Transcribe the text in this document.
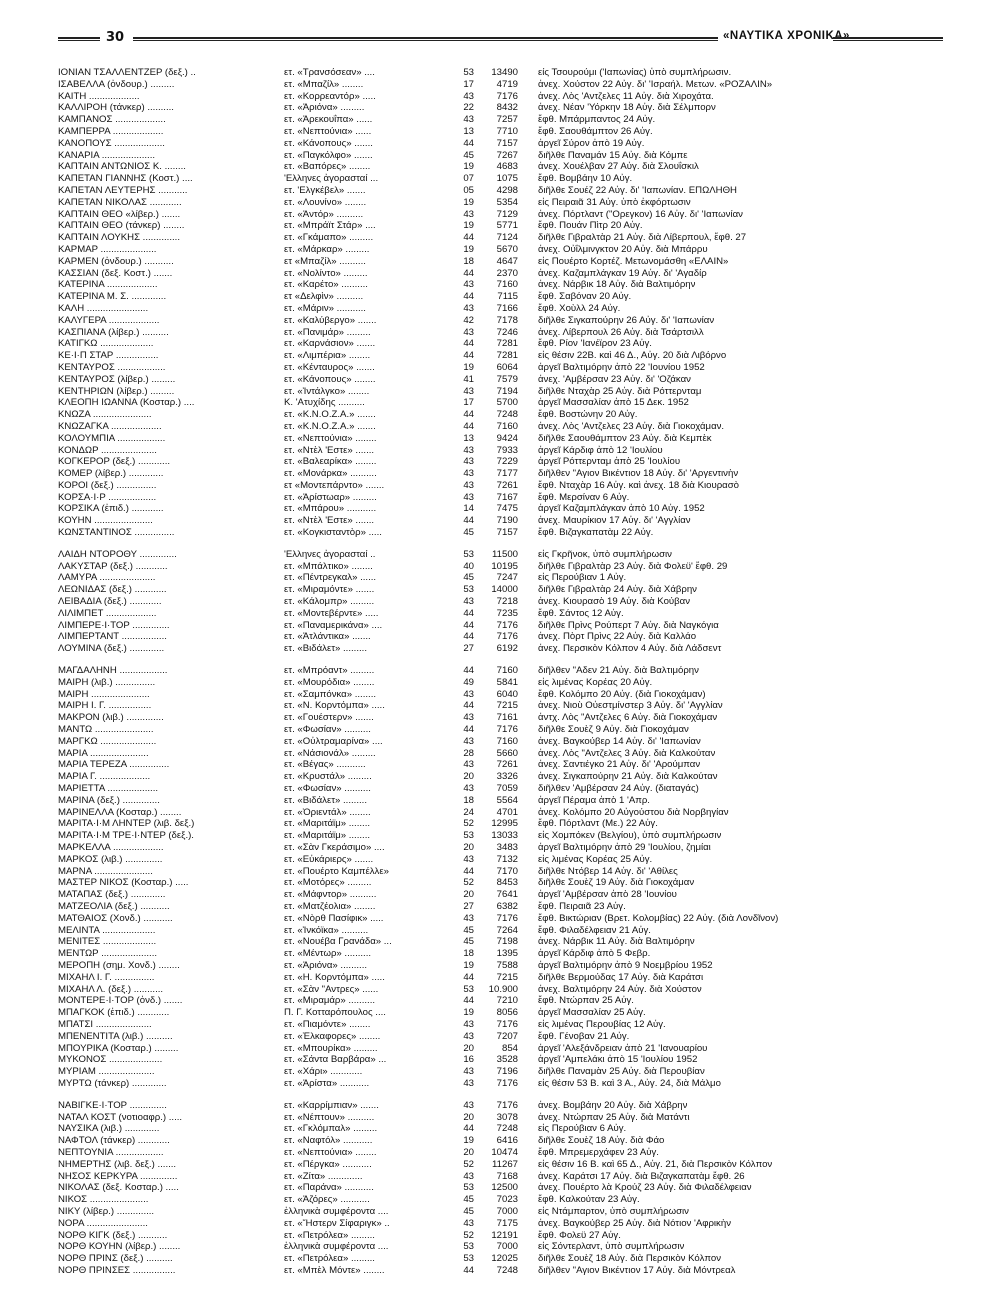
30	«ΝΑΥΤΙΚΑ ΧΡΟΝΙΚΑ»
ΙΟΝΙΑΝ ΤΣΑΛΛΕΝΤΖΕΡ (δεξ.) ..	ετ. «Τρανσόσεαν» ....	53	13490	είς Τσουρούμι ('Ιαπωνίας) ὑπὸ συμπλήρωσιν.
ΙΣΑΒΕΛΛΑ (ὀνδουρ.) .........	ετ. «Μπαζίλ» ........	17	4719	ἀνεχ. Χούστον 22 Αὐγ. δι' 'Ισραήλ. Μετων. «ΡΟΖΑΛΙΝ»
ΚΑΙΤΗ ...................	ετ. «Κορρεαντόρ» .....	43	7176	ἀνεχ. Λὸς 'Αντζελες 11 Αὐγ. διὰ Χιροχάτα.
ΚΑΛΛΙΡΟΗ (τάνκερ) ..........	ετ. «Ἀριόνα» .........	22	8432	ἀνεχ. Νέαν 'Υόρκην 18 Αὐγ. διὰ Σέλμπορν
ΚΑΜΠΑΝΟΣ ...................	ετ. «Ἀρεκουΐπα» ......	43	7257	ἔφθ. Μπάρμπαντος 24 Αὐγ.
ΚΑΜΠΕΡΡΑ ...................	ετ. «Νεπτούνια» ......	13	7710	ἔφθ. Σαουθάμπτον 26 Αὐγ.
ΚΑΝΟΠΟΥΣ ...................	ετ. «Κάνοπους» .......	44	7157	ἀργεῖ Σύρον ἀπὸ 19 Αὐγ.
ΚΑΝΑΡΙΑ ....................	ετ. «Παγκόλφο» .......	45	7267	διῆλθε Παναμάν 15 Αὐγ. διὰ Κόμπε
ΚΑΠΤΑΙΝ ΑΝΤΩΝΙΟΣ Κ. ........	ετ. «Βαπόρες» ........	19	4683	ἀνεχ. Χουέλβαν 27 Αὐγ. διὰ Σλουΐσκιλ
ΚΑΠΕΤΑΝ ΓΙΑΝΝΗΣ (Κοστ.) ....	'Ελληνες ἀγορασταί ...	07	1075	ἔφθ. Βομβάην 10 Αὐγ.
ΚΑΠΕΤΑΝ ΛΕΥΤΕΡΗΣ ...........	ετ. 'Ελγκέβελ» .......	05	4298	διῆλθε Σουέζ 22 Αὐγ. δι' 'Ιαπωνίαν. ΕΠΩΛΗΘΗ
ΚΑΠΕΤΑΝ ΝΙΚΟΛΑΣ ............	ετ. «Λουνίνο» ........	19	5354	εἰς Πειραιᾶ 31 Αὐγ. ὑπὸ ἐκφόρτωσιν
ΚΑΠΤΑΙΝ ΘΕΟ «λίβερ.) .......	ετ. «Ἀντόρ» ..........	43	7129	ἀνεχ. Πόρτλαντ ("Ορεγκον) 16 Αὐγ. δι' 'Ιαπωνίαν
ΚΑΠΤΑΙΝ ΘΕΟ (τάνκερ) ........	ετ. «Μπράϊτ Στάρ» ....	19	5771	ἔφθ. Πουάν Πὶτρ 20 Αὐγ.
ΚΑΠΤΑΙΝ ΛΟΥΚΗΣ ..............	ετ. «Γκάμαπο» .........	44	7124	διῆλθε Γιβραλτὰρ 21 Αὐγ. διὰ Λίβερπουλ, ἔφθ. 27
ΚΑΡΜΑΡ .....................	ετ. «Μάρκαρ» .........	19	5670	ἀνεχ. Οὐΐλμινγκτον 20 Αὐγ. διὰ Μπάρρυ
ΚΑΡΜΕΝ (ὀνδουρ.) ...........	ετ «Μπαζίλ» ..........	18	4647	εἰς Πουέρτο Κορτέζ. Μετωνομάσθη «ΕΛΑΙΝ»
ΚΑΣΣΙΑΝ (δεξ. Κοστ.) .......	ετ. «Νολίντο» .........	44	2370	ἀνεχ. Καζαμπλάγκαν 19 Αὐγ. δι' 'Αγαδίρ
ΚΑΤΕΡΙΝΑ ...................	ετ. «Καρέτο» ..........	43	7160	ἀνεχ. Νάρβικ 18 Αὐγ. διὰ Βαλτιμόρην
ΚΑΤΕΡΙΝΑ Μ. Σ. .............	ετ «Δελφὶν» ..........	44	7115	ἔφθ. Σαβόναν 20 Αὐγ.
ΚΑΛΗ .......................	ετ. «Μάριν» ...........	43	7166	ἔφθ. Χοὺλλ 24 Αὐγ.
ΚΑΛΥΓΕΡΑ ...................	ετ. «Καλύβεργο» .......	42	7178	διῆλθε Σιγκαπούρην 26 Αὐγ. δι' 'Ιαπωνίαν
ΚΑΣΠΙΑΝΑ (λίβερ.) ..........	ετ. «Πανιμάρ» .........	43	7246	ἀνεχ. Λίβερπουλ 26 Αὐγ. διὰ Τσάρτσιλλ
ΚΑΤΙΓΚΩ ....................	ετ. «Καρνάσιον» .......	44	7281	ἔφθ. Ρίον 'Ιανέϊρον 23 Αὐγ.
ΚΕ·Ι·Π ΣΤΑΡ ................	ετ. «Λιμπέρια» ........	44	7281	εἰς θέσιν 22Β. καὶ 46 Δ., Αὐγ. 20 διὰ Λιβόρνο
ΚΕΝΤΑΥΡΟΣ ..................	ετ. «Κένταυρος» .......	19	6064	ἀργεῖ Βαλτιμόρην ἀπὸ 22 'Ιουνίου 1952
ΚΕΝΤΑΥΡΟΣ (λίβερ.) .........	ετ. «Κάνοπους» ........	41	7579	ἀνεχ. 'Αμβέρσαν 23 Αὐγ. δι' 'Οζάκαν
ΚΕΝΤΗΡΙΩΝ (λίβερ.) .........	ετ. «Ἰντάλγκο» ........	43	7194	διῆλθε Νταχὰρ 25 Αὐγ. διὰ Ρόττερνταμ
ΚΛΕΟΠΗ ΙΩΑΝΝΑ (Κοσταρ.) ....	Κ. 'Ατυχίδης ..........	17	5700	ἀργεῖ Μασσαλίαν ἀπὸ 15 Δεκ. 1952
ΚΝΩΖΑ ......................	ετ. «Κ.Ν.Ο.Ζ.Α.» .......	44	7248	ἔφθ. Βοστώνην 20 Αὐγ.
ΚΝΩΖΑΓΚΑ ...................	ετ. «Κ.Ν.Ο.Ζ.Α.» .......	44	7160	ἀνεχ. Λὸς 'Αντζελες 23 Αὐγ. διὰ Γιοκοχάμαν.
ΚΟΛΟΥΜΠΙΑ ..................	ετ. «Νεπτούνια» ........	13	9424	διῆλθε Σαουθάμπτον 23 Αὐγ. διὰ Κεμπὲκ
ΚΟΝΔΩΡ .....................	ετ. «Ντὲλ 'Εστε» .......	43	7933	ἀργεῖ Κάρδιφ ἀπὸ 12 'Ιουλίου
ΚΟΓΚΕΡΟΡ (δεξ.) ............	ετ. «Βαλεαρίκα» ........	43	7229	ἀργεῖ Ρόττερνταμ ἀπὸ 25 'Ιουλίου
ΚΟΜΕΡ (λίβερ.) .............	ετ. «Μονάρκα» ..........	43	7177	διῆλθεν "Αγιον Βικέντιον 18 Αὐγ. δι' 'Αργεντινὴν
ΚΟΡΟΙ (δεξ.) ...............	ετ «Μοντεπάρντο» .......	43	7261	ἔφθ. Νταχὰρ 16 Αὐγ. καὶ ἀνεχ. 18 διὰ Κιουρασὸ
ΚΟΡΣΑ·Ι·Ρ ..................	ετ. «Ἀρίστωαρ» .........	43	7167	ἔφθ. Μερσίναν 6 Αὐγ.
ΚΟΡΣΙΚΑ (ἐπιδ.) ............	ετ. «Μπάρου» ...........	14	7475	ἀργεῖ Καζαμπλάγκαν ἀπὸ 10 Αὐγ. 1952
ΚΟΥΗΝ ......................	ετ. «Ντὲλ 'Εστε» .......	44	7190	ἀνεχ. Μαυρίκιον 17 Αὐγ. δι' 'Αγγλίαν
ΚΩΝΣΤΑΝΤΙΝΟΣ ...............	ετ. «Κογκισταντὸρ» .....	45	7157	ἔφθ. Βιζαγκαπατὰμ 22 Αὐγ.
ΛΑΙΔΗ ΝΤΟΡΟΘΥ ..............	'Ελληνες ἀγορασταί ..	53	11500	εἰς Γκρῆνοκ, ὑπὸ συμπλήρωσιν
ΛΑΚΥΣΤΑΡ (δεξ.) ............	ετ. «Μπάλτικο» ........	40	10195	διῆλθε Γιβραλτὰρ 23 Αὐγ. διὰ Φολεϋ' ἔφθ. 29
ΛΑΜΥΡΑ .....................	ετ. «Πέντρεγκαλ» ......	45	7247	εἰς Περούβιαν 1 Αὐγ.
ΛΕΩΝΙΔΑΣ (δεξ.) ............	ετ. «Μιραμόντε» .......	53	14000	διῆλθε Γιβραλτὰρ 24 Αὐγ. διὰ Χάβρην
ΛΕΙΒΑΔΙΑ (δεξ.) ............	ετ. «Κάλομπρ» .........	43	7218	ἀνεχ. Κιουρασὸ 19 Αὐγ. διὰ Κούβαν
ΛΙΛΙΜΠΕΤ ...................	ετ. «Μοντεβέρντε» .....	44	7235	ἔφθ. Σάντος 12 Αὐγ.
ΛΙΜΠΕΡΕ·Ι·ΤΟΡ ..............	ετ. «Παναμερικάνα» ....	44	7176	διῆλθε Πρὶνς Ρούπερτ 7 Αὐγ. διὰ Ναγκόγια
ΛΙΜΠΕΡΤΑΝΤ .................	ετ. «Ἀτλάντικα» .......	44	7176	ἀνεχ. Πὸρτ Πρὶνς 22 Αὐγ. διὰ Καλλάο
ΛΟΥΜΙΝΑ (δεξ.) .............	ετ. «Βιδάλετ» .........	27	6192	ἀνεχ. Περσικὸν Κόλπον 4 Αὐγ. διὰ Λάδσεντ
ΜΑΓΔΑΛΗΝΗ ..................	ετ. «Μπρόαντ» .........	44	7160	διῆλθεν "Αδεν 21 Αὐγ. διὰ Βαλτιμόρην
ΜΑΙΡΗ (λιβ.) ...............	ετ. «Μουρόδια» ........	49	5841	εἰς λιμένας Κορέας 20 Αὐγ.
ΜΑΙΡΗ ......................	ετ. «Σαμπόνκα» ........	43	6040	ἔφθ. Κολόμπο 20 Αὐγ. (διὰ Γιοκοχάμαν)
ΜΑΙΡΗ Ι. Γ. ................	ετ. «Ν. Κορντόμπα» .....	44	7215	ἀνεχ. Νιοὺ Οὐεστμίνστερ 3 Αὐγ. δι' 'Αγγλίαν
ΜΑΚΡΟΝ (λιβ.) ..............	ετ. «Γουέστερν» .......	43	7161	ἀντχ. Λὸς "Αντζελες 6 Αὐγ. διὰ Γιοκοχάμαν
ΜΑΝΤΩ ......................	ετ. «Φωσίαν» ..........	44	7176	διῆλθε Σουὲζ 9 Αὐγ. διὰ Γιοκοχάμαν
ΜΑΡΓΚΩ .....................	ετ. «Οὐλτραμαρίνα» ....	43	7160	ἀνεχ. Βαγκούβερ 14 Αὐγ. δι' 'Ιαπωνίαν
ΜΑΡΙΑ ......................	ετ. «Νάσιονάλ» .........	28	5660	ἀνεχ. Λὸς "Αντζελες 3 Αὐγ. διὰ Καλκούταν
ΜΑΡΙΑ ΤΕΡΕΖΑ ...............	ετ. «Βέγας» ...........	43	7261	ἀνεχ. Σαντιέγκο 21 Αὐγ. δι' 'Αρούμπαν
ΜΑΡΙΑ Γ. ...................	ετ. «Κρυστάλ» .........	20	3326	ἀνεχ. Σιγκαπούρην 21 Αὐγ. διὰ Καλκούταν
ΜΑΡΙΕΤΤΑ ...................	ετ. «Φωσίαν» ..........	43	7059	διῆλθεν 'Αμβέρσαν 24 Αὐγ. (διαταγάς)
ΜΑΡΙΝΑ (δεξ.) ..............	ετ. «Βιδάλετ» .........	18	5564	ἀργεῖ Πέραμα ἀπὸ 1 'Απρ.
ΜΑΡΙΝΕΛΛΑ (Κοσταρ.) ........	ετ. «Ὀριεντάλ» ........	24	4701	ἀνεχ. Κολόμπο 20 Αὐγούστου διὰ Νορβηγίαν
ΜΑΡΙΤΑ·Ι·Μ ΛΗΝΤΕΡ (λιβ. δεξ.)	ετ. «Μαριτάϊμ» ........	52	12995	ἔφθ. Πόρτλαντ (Με.) 22 Αὐγ.
ΜΑΡΙΤΑ·Ι·Μ ΤΡΕ·Ι·ΝΤΕΡ (δεξ.).	ετ. «Μαριτάϊμ» ........	53	13033	εἰς Χομπόκεν (Βελγίου), ὑπὸ συμπλήρωσιν
ΜΑΡΚΕΛΛΑ ...................	ετ. «Σὰν Γκεράσιμο» ....	20	3483	ἀργεῖ Βαλτιμόρην ἀπὸ 29 'Ιουλίου, ζημίαι
ΜΑΡΚΟΣ (λιβ.) ..............	ετ. «Εὐκάριερς» .......	43	7132	εἰς λιμένας Κορέας 25 Αὐγ.
ΜΑΡΝΑ ......................	ετ. «Πουέρτο Καμπέλλε»	44	7170	διῆλθε Ντόβερ 14 Αὐγ. δι' 'Αθίλες
ΜΑΣΤΕΡ ΝΙΚΟΣ (Κοσταρ.) .....	ετ. «Μοτόρες» .........	52	8453	διῆλθε Σουὲζ 19 Αὐγ. διὰ Γιοκοχάμαν
ΜΑΤΑΠΑΣ (δεξ.) .............	ετ. «Μάφντορ» ..........	20	7641	ἀργεῖ 'Αμβέρσαν ἀπὸ 28 'Ιουνίου
ΜΑΤΖΕΟΛΙΑ (δεξ.) ...........	ετ. «Ματζέολια» ........	27	6382	ἔφθ. Πειραιᾶ 23 Αὐγ.
ΜΑΤΘΑΙΟΣ (Χονδ.) ...........	ετ. «Νὸρθ Πασίφικ» .....	43	7176	ἔφθ. Βικτώριαν (Βρετ. Κολομβίας) 22 Αὐγ. (διὰ Λονδῖνον)
ΜΕΛΙΝΤΑ ....................	ετ. «Ἰνκόϊκα» ..........	45	7264	ἔφθ. Φιλαδέλφειαν 21 Αὐγ.
ΜΕΝΙΤΕΣ ....................	ετ. «Νουέβα Γρανάδα» ...	45	7198	ἀνεχ. Νάρβικ 11 Αὐγ. διὰ Βαλτιμόρην
ΜΕΝΤΩΡ .....................	ετ. «Μέντωρ» ..........	18	1395	ἀργεῖ Κάρδιφ ἀπὸ 5 Φεβρ.
ΜΕΡΟΠΗ (σημ. Χονδ.) ........	ετ. «Ἀριόνα» ..........	19	7588	ἀργεῖ Βαλτιμόρην ἀπὸ 9 Νοεμβρίου 1952
ΜΙΧΑΗΛ Ι. Γ. ...............	ετ. «Η. Κορντόμπα» .....	44	7215	διῆλθε Βερμούδας 17 Αὐγ. διὰ Καράτσι
ΜΙΧΑΗΛ Λ. (δεξ.) ...........	ετ. «Σὰν "Αντρες» ......	53	10.900	ἀνεχ. Βαλτιμόρην 24 Αὐγ. διὰ Χούστον
ΜΟΝΤΕΡΕ·Ι·ΤΟΡ (ὀνδ.) .......	ετ. «Μιραμάρ» ..........	44	7210	ἔφθ. Ντώρπαν 25 Αὐγ.
ΜΠΑΓΚΟΚ (ἐπιδ.) ............	Π. Γ. Κοτταρόπουλος ....	19	8056	ἀργεῖ Μασσαλίαν 25 Αὐγ.
ΜΠΑΤΣΙ .....................	ετ. «Πιαμόντε» ........	43	7176	εἰς λιμένας Περουβίας 12 Αὐγ.
ΜΠΕΝΕΝΤΙΤΑ (λιβ.) ..........	ετ. «Ἐλκαφορες» ........	43	7207	ἔφθ. Γένοβαν 21 Αὐγ.
ΜΠΟΥΡΙΚΑ (Κοσταρ.) .........	ετ. «Μπουρίκα» .........	20	854	ἀργεῖ 'Αλεξάνδρειαν ἀπὸ 21 'Ιανουαρίου
ΜΥΚΟΝΟΣ ....................	ετ. «Σάντα Βαρβάρα» ...	16	3528	ἀργεῖ 'Αμπελάκι ἀπὸ 15 'Ιουλίου 1952
ΜΥΡΙΑΜ .....................	ετ. «Χάρι» ............	43	7196	διῆλθε Παναμὰν 25 Αὐγ. διὰ Περουβίαν
ΜΥΡΤΩ (τάνκερ) .............	ετ. «Ἀρίστα» ...........	43	7176	εἰς θέσιν 53 Β. καὶ 3 Α., Αὐγ. 24, διὰ Μάλμο
ΝΑΒΙΓΚΕ·Ι·ΤΟΡ ..............	ετ. «Καρρίμπιαν» .......	43	7176	ἀνεχ. Βομβάην 20 Αὐγ. διὰ Χάβρην
ΝΑΤΑΛ ΚΟΣΤ (νοτιοαφρ.) .....	ετ. «Νέπτουν» ..........	20	3078	ἀνεχ. Ντώρπαν 25 Αὐγ. διὰ Ματάντι
ΝΑΥΣΙΚΑ (λιβ.) .............	ετ. «Γκλόμπαλ» .........	44	7248	εἰς Περούβιαν 6 Αὐγ.
ΝΑΦΤΟΛ (τάνκερ) ............	ετ. «Ναφτόλ» ...........	19	6416	διῆλθε Σουὲζ 18 Αὐγ. διὰ Φάο
ΝΕΠΤΟΥΝΙΑ ..................	ετ. «Νεπτούνια» ........	20	10474	ἔφθ. Μπρεμερχάφεν 23 Αὐγ.
ΝΗΜΕΡΤΗΣ (λιβ. δεξ.) .......	ετ. «Πέργκα» ...........	52	11267	εἰς θέσιν 16 Β. καὶ 65 Δ., Αὐγ. 21, διὰ Περσικὸν Κόλπον
ΝΗΣΟΣ ΚΕΡΚΥΡΑ ..............	ετ. «Ζίτα» .............	43	7168	ἀνεχ. Καράτσι 17 Αὐγ. διὰ Βιζαγκαπατὰμ ἔφθ. 26
ΝΙΚΟΛΑΣ (δεξ. Κοσταρ.) .....	ετ. «Παράνα» ...........	53	12500	ἀνεχ. Πουέρτο λὰ Κρούζ 23 Αὐγ. διὰ Φιλαδέλφειαν
ΝΙΚΟΣ ......................	ετ. «Ἀζόρες» ...........	45	7023	ἔφθ. Καλκούταν 23 Αὐγ.
ΝΙΚΥ (λίβερ.) ..............	ἑλληνικὰ συμφέροντα ....	45	7000	εἰς Ντάμπαρτον, ὑπὸ συμπλήρωσιν
ΝΟΡΑ .......................	ετ. «Ἥστερν Σίφαριγκ» ..	43	7175	ἀνεχ. Βαγκούβερ 25 Αὐγ. διὰ Νότιον 'Αφρικὴν
ΝΟΡΘ ΚΙΓΚ (δεξ.) ...........	ετ. «Πετρόλεα» .........	52	12191	ἔφθ. Φολεϋ 27 Αὐγ.
ΝΟΡΘ ΚΟΥΗΝ (λίβερ.) ........	ἑλληνικὰ συμφέροντα ....	53	7000	εἰς Σόντερλαντ, ὑπὸ συμπλήρωσιν
ΝΟΡΘ ΠΡΙΝΣ (δεξ.) ..........	ετ. «Πετρόλεα» .........	53	12025	διῆλθε Σουὲζ 18 Αὐγ. διὰ Περσικὸν Κόλπον
ΝΟΡΘ ΠΡΙΝΣΕΣ ................	ετ. «Μπὲλ Μόντε» ........	44	7248	διῆλθεν "Αγιον Βικέντιον 17 Αὐγ. διὰ Μόντρεαλ
